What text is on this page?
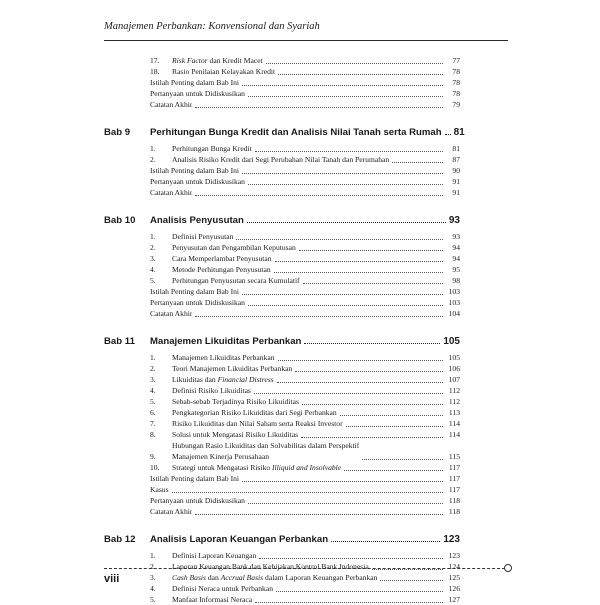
Manajemen Perbankan: Konvensional dan Syariah
17.	Risk Factor dan Kredit Macet	77
18.	Rasio Penilaian Kelayakan Kredit	78
Istilah Penting dalam Bab Ini	78
Pertanyaan untuk Didiskusikan	78
Catatan Akhir	79
Bab 9	Perhitungan Bunga Kredit dan Analisis Nilai Tanah serta Rumah 81
1.	Perhitungan Bunga Kredit	81
2.	Analisis Risiko Kredit dari Segi Perubahan Nilai Tanah dan Perumahan	87
Istilah Penting dalam Bab Ini	90
Pertanyaan untuk Didiskusikan	91
Catatan Akhir	91
Bab 10	Analisis Penyusutan	93
1.	Definisi Penyusutan	93
2.	Penyusutan dan Pengambilan Keputusan	94
3.	Cara Memperlambat Penyusutan	94
4.	Metode Perhitungan Penyusutan	95
5.	Perhitungan Penyusutan secara Kumulatif	98
Istilah Penting dalam Bab Ini	103
Pertanyaan untuk Didiskusikan	103
Catatan Akhir	104
Bab 11	Manajemen Likuiditas Perbankan	105
1.	Manajemen Likuiditas Perbankan	105
2.	Teori Manajemen Likuiditas Perbankan	106
3.	Likuiditas dan Financial Distress	107
4.	Definisi Risiko Likuiditas	112
5.	Sebab-sebab Terjadinya Risiko Likuiditas	112
6.	Pengkategorian Risiko Likuiditas dari Segi Perbankan	113
7.	Risiko Likuiditas dan Nilai Saham serta Reaksi Investor	114
8.	Solusi untuk Mengatasi Risiko Likuiditas	114
9.
Hubungan Rasio Likuiditas dan Solvabilitas dalam Perspektif
Manajemen Kinerja Perusahaan	115
10.	Strategi untuk Mengatasi Risiko Illiquid and Insolvable	117
Istilah Penting dalam Bab Ini	117
Kasus	117
Pertanyaan untuk Didiskusikan	118
Catatan Akhir	118
Bab 12	Analisis Laporan Keuangan Perbankan	123
1.	Definisi Laporan Keuangan	123
2.	Laporan Keuangan Bank dan Kebijakan Kontrol Bank Indonesia	124
3.	Cash Basis dan Accrual Basis dalam Laporan Keuangan Perbankan	125
4.	Definisi Neraca untuk Perbankan	126
5.	Manfaat Informasi Neraca	127
viii
